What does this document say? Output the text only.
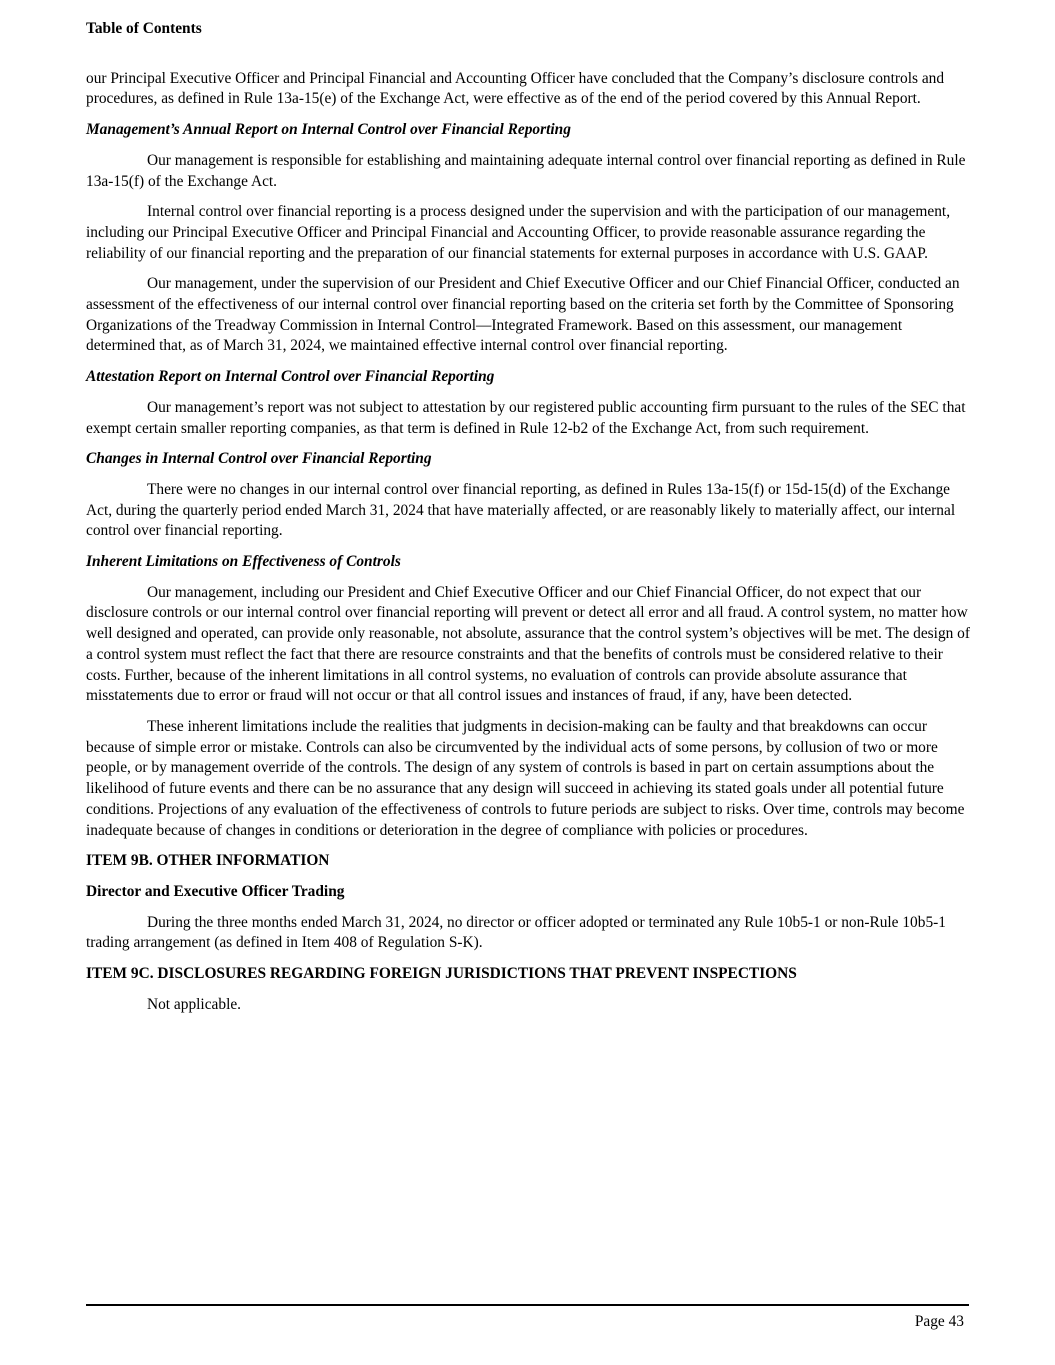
Table of Contents

our Principal Executive Officer and Principal Financial and Accounting Officer have concluded that the Company’s disclosure controls and procedures, as defined in Rule 13a-15(e) of the Exchange Act, were effective as of the end of the period covered by this Annual Report.

Management’s Annual Report on Internal Control over Financial Reporting

Our management is responsible for establishing and maintaining adequate internal control over financial reporting as defined in Rule 13a-15(f) of the Exchange Act.

Internal control over financial reporting is a process designed under the supervision and with the participation of our management, including our Principal Executive Officer and Principal Financial and Accounting Officer, to provide reasonable assurance regarding the reliability of our financial reporting and the preparation of our financial statements for external purposes in accordance with U.S. GAAP.

Our management, under the supervision of our President and Chief Executive Officer and our Chief Financial Officer, conducted an assessment of the effectiveness of our internal control over financial reporting based on the criteria set forth by the Committee of Sponsoring Organizations of the Treadway Commission in Internal Control—Integrated Framework. Based on this assessment, our management determined that, as of March 31, 2024, we maintained effective internal control over financial reporting.

Attestation Report on Internal Control over Financial Reporting

Our management’s report was not subject to attestation by our registered public accounting firm pursuant to the rules of the SEC that exempt certain smaller reporting companies, as that term is defined in Rule 12-b2 of the Exchange Act, from such requirement.

Changes in Internal Control over Financial Reporting

There were no changes in our internal control over financial reporting, as defined in Rules 13a-15(f) or 15d-15(d) of the Exchange Act, during the quarterly period ended March 31, 2024 that have materially affected, or are reasonably likely to materially affect, our internal control over financial reporting.

Inherent Limitations on Effectiveness of Controls

Our management, including our President and Chief Executive Officer and our Chief Financial Officer, do not expect that our disclosure controls or our internal control over financial reporting will prevent or detect all error and all fraud. A control system, no matter how well designed and operated, can provide only reasonable, not absolute, assurance that the control system’s objectives will be met. The design of a control system must reflect the fact that there are resource constraints and that the benefits of controls must be considered relative to their costs. Further, because of the inherent limitations in all control systems, no evaluation of controls can provide absolute assurance that misstatements due to error or fraud will not occur or that all control issues and instances of fraud, if any, have been detected.

These inherent limitations include the realities that judgments in decision-making can be faulty and that breakdowns can occur because of simple error or mistake. Controls can also be circumvented by the individual acts of some persons, by collusion of two or more people, or by management override of the controls. The design of any system of controls is based in part on certain assumptions about the likelihood of future events and there can be no assurance that any design will succeed in achieving its stated goals under all potential future conditions. Projections of any evaluation of the effectiveness of controls to future periods are subject to risks. Over time, controls may become inadequate because of changes in conditions or deterioration in the degree of compliance with policies or procedures.

ITEM 9B. OTHER INFORMATION
Director and Executive Officer Trading

During the three months ended March 31, 2024, no director or officer adopted or terminated any Rule 10b5-1 or non-Rule 10b5-1 trading arrangement (as defined in Item 408 of Regulation S-K).

ITEM 9C. DISCLOSURES REGARDING FOREIGN JURISDICTIONS THAT PREVENT INSPECTIONS

Not applicable.

Page 43
